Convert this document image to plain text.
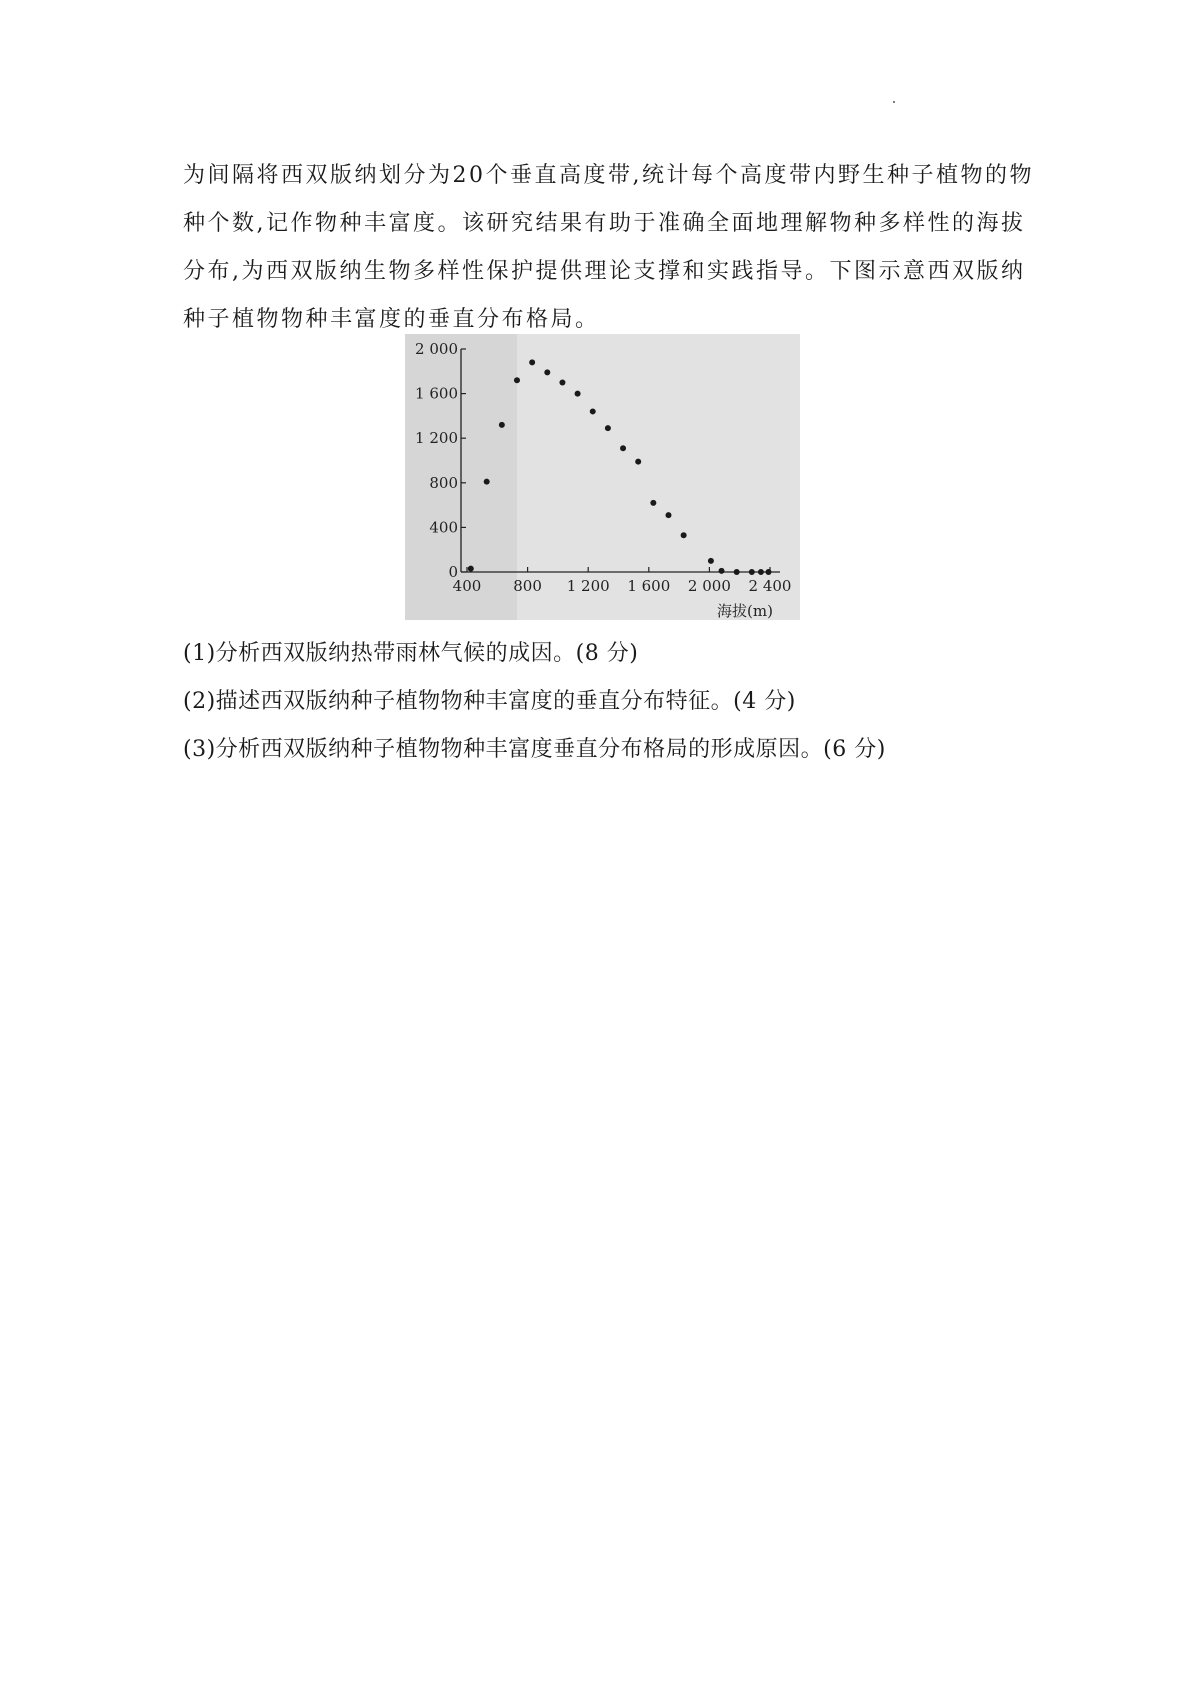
为间隔将西双版纳划分为20个垂直高度带,统计每个高度带内野生种子植物的物

种个数,记作物种丰富度。该研究结果有助于准确全面地理解物种多样性的海拔

分布,为西双版纳生物多样性保护提供理论支撑和实践指导。下图示意西双版纳

种子植物物种丰富度的垂直分布格局。

0
400
800
1 200
1 600
2 000
400 800 1 200 1 600 2 000 2 400
海拔(m)

(1)分析西双版纳热带雨林气候的成因。(8 分)

(2)描述西双版纳种子植物物种丰富度的垂直分布特征。(4 分)

(3)分析西双版纳种子植物物种丰富度垂直分布格局的形成原因。(6 分)
